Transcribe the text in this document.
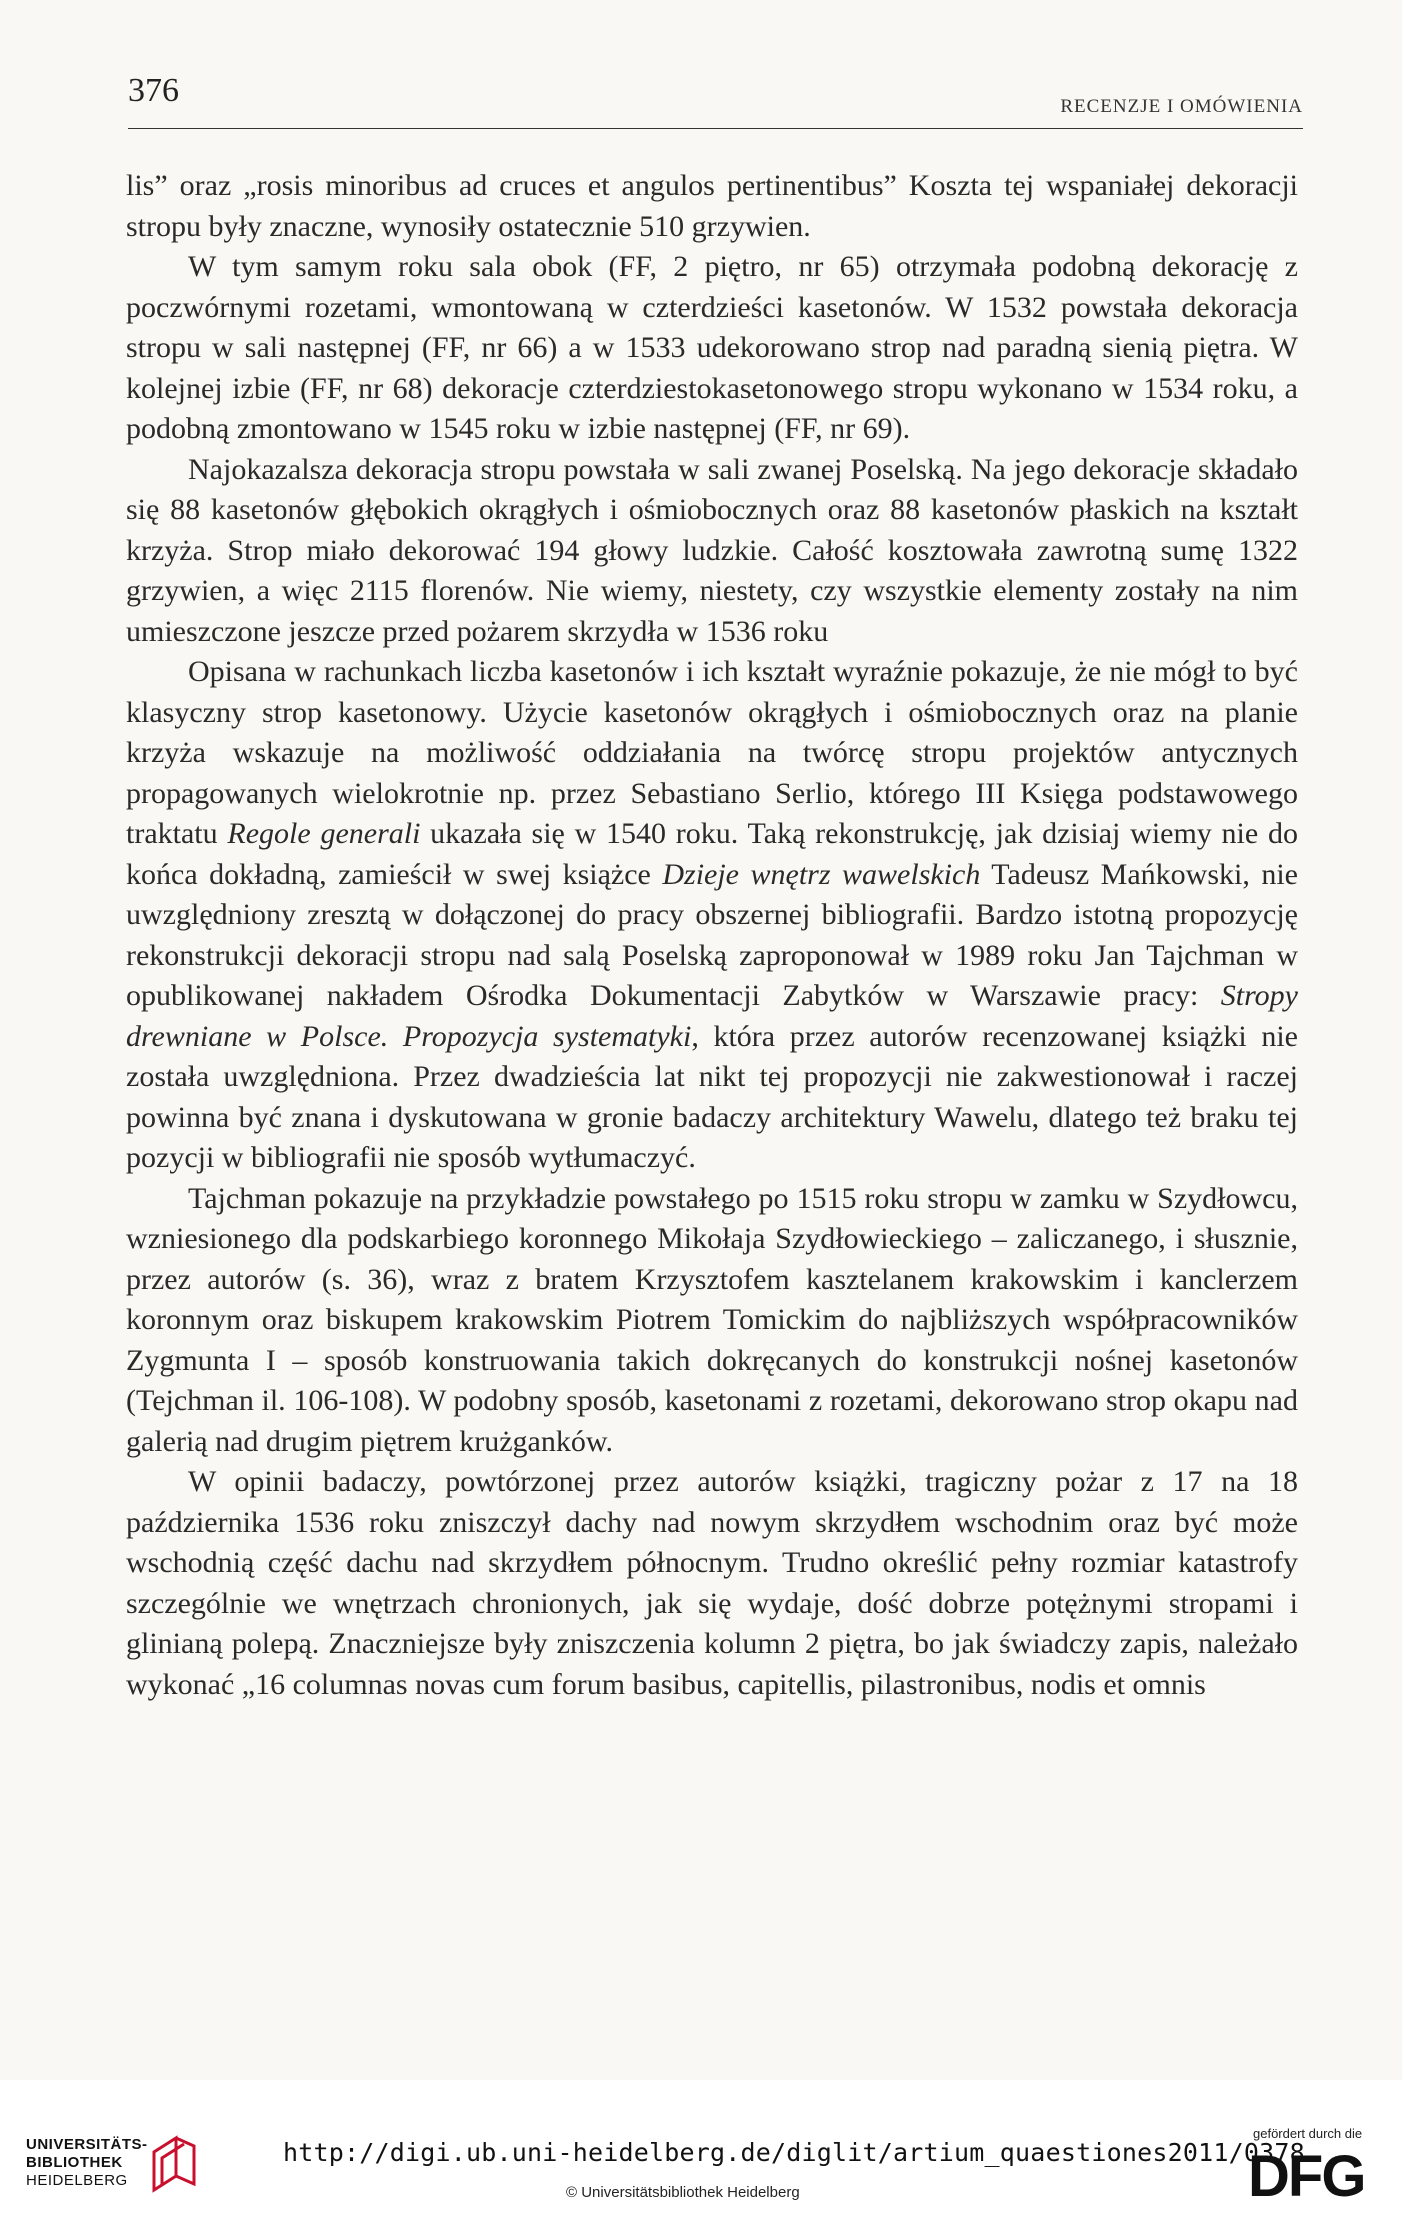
376	RECENZJE I OMÓWIENIA

lis” oraz „rosis minoribus ad cruces et angulos pertinentibus” Koszta tej wspaniałej dekoracji stropu były znaczne, wynosiły ostatecznie 510 grzywien.

W tym samym roku sala obok (FF, 2 piętro, nr 65) otrzymała podobną dekorację z poczwórnymi rozetami, wmontowaną w czterdzieści kasetonów. W 1532 powstała dekoracja stropu w sali następnej (FF, nr 66) a w 1533 udekorowano strop nad paradną sienią piętra. W kolejnej izbie (FF, nr 68) dekoracje czterdziestokasetonowego stropu wykonano w 1534 roku, a podobną zmontowano w 1545 roku w izbie następnej (FF, nr 69).

Najokazalsza dekoracja stropu powstała w sali zwanej Poselską. Na jego dekoracje składało się 88 kasetonów głębokich okrągłych i ośmiobocznych oraz 88 kasetonów płaskich na kształt krzyża. Strop miało dekorować 194 głowy ludzkie. Całość kosztowała zawrotną sumę 1322 grzywien, a więc 2115 florenów. Nie wiemy, niestety, czy wszystkie elementy zostały na nim umieszczone jeszcze przed pożarem skrzydła w 1536 roku

Opisana w rachunkach liczba kasetonów i ich kształt wyraźnie pokazuje, że nie mógł to być klasyczny strop kasetonowy. Użycie kasetonów okrągłych i ośmiobocznych oraz na planie krzyża wskazuje na możliwość oddziałania na twórcę stropu projektów antycznych propagowanych wielokrotnie np. przez Sebastiano Serlio, którego III Księga podstawowego traktatu Regole generali ukazała się w 1540 roku. Taką rekonstrukcję, jak dzisiaj wiemy nie do końca dokładną, zamieścił w swej książce Dzieje wnętrz wawelskich Tadeusz Mańkowski, nie uwzględniony zresztą w dołączonej do pracy obszernej bibliografii. Bardzo istotną propozycję rekonstrukcji dekoracji stropu nad salą Poselską zaproponował w 1989 roku Jan Tajchman w opublikowanej nakładem Ośrodka Dokumentacji Zabytków w Warszawie pracy: Stropy drewniane w Polsce. Propozycja systematyki, która przez autorów recenzowanej książki nie została uwzględniona. Przez dwadzieścia lat nikt tej propozycji nie zakwestionował i raczej powinna być znana i dyskutowana w gronie badaczy architektury Wawelu, dlatego też braku tej pozycji w bibliografii nie sposób wytłumaczyć.

Tajchman pokazuje na przykładzie powstałego po 1515 roku stropu w zamku w Szydłowcu, wzniesionego dla podskarbiego koronnego Mikołaja Szydłowieckiego – zaliczanego, i słusznie, przez autorów (s. 36), wraz z bratem Krzysztofem kasztelanem krakowskim i kanclerzem koronnym oraz biskupem krakowskim Piotrem Tomickim do najbliższych współpracowników Zygmunta I – sposób konstruowania takich dokręcanych do konstrukcji nośnej kasetonów (Tejchman il. 106-108). W podobny sposób, kasetonami z rozetami, dekorowano strop okapu nad galerią nad drugim piętrem krużganków.

W opinii badaczy, powtórzonej przez autorów książki, tragiczny pożar z 17 na 18 października 1536 roku zniszczył dachy nad nowym skrzydłem wschodnim oraz być może wschodnią część dachu nad skrzydłem północnym. Trudno określić pełny rozmiar katastrofy szczególnie we wnętrzach chronionych, jak się wydaje, dość dobrze potężnymi stropami i glinianą polepą. Znaczniejsze były zniszczenia kolumn 2 piętra, bo jak świadczy zapis, należało wykonać „16 columnas novas cum forum basibus, capitellis, pilastronibus, nodis et omnis

UNIVERSITÄTS-
BIBLIOTHEK
HEIDELBERG
http://digi.ub.uni-heidelberg.de/diglit/artium_quaestiones2011/0378
© Universitätsbibliothek Heidelberg
gefördert durch die
DFG
